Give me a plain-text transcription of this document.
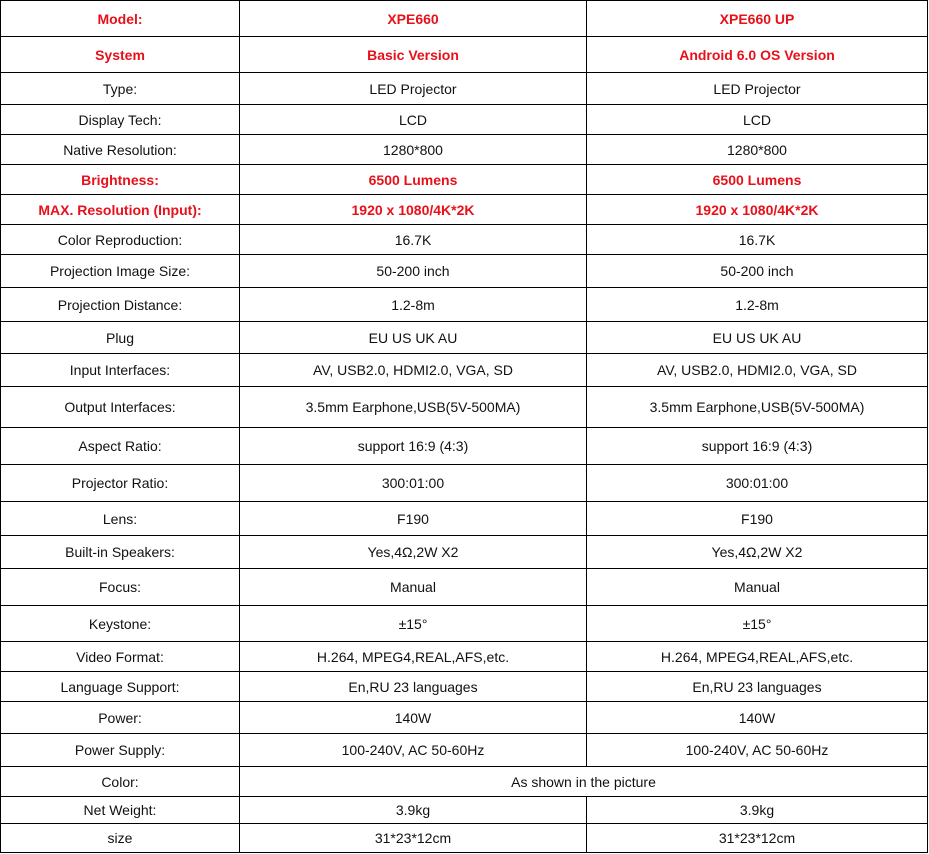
Model:	XPE660	XPE660 UP
System	Basic Version	Android 6.0 OS Version
Type:	LED Projector	LED Projector
Display Tech:	LCD	LCD
Native Resolution:	1280*800	1280*800
Brightness:	6500 Lumens	6500 Lumens
MAX. Resolution (Input):	1920 x 1080/4K*2K	1920 x 1080/4K*2K
Color Reproduction:	16.7K	16.7K
Projection Image Size:	50-200 inch	50-200 inch
Projection Distance:	1.2-8m	1.2-8m
Plug	EU US UK AU	EU US UK AU
Input Interfaces:	AV, USB2.0, HDMI2.0, VGA, SD	AV, USB2.0, HDMI2.0, VGA, SD
Output Interfaces:	3.5mm Earphone,USB(5V-500MA)	3.5mm Earphone,USB(5V-500MA)
Aspect Ratio:	support 16:9 (4:3)	support 16:9 (4:3)
Projector Ratio:	300:01:00	300:01:00
Lens:	F190	F190
Built-in Speakers:	Yes,4Ω,2W X2	Yes,4Ω,2W X2
Focus:	Manual	Manual
Keystone:	±15°	±15°
Video Format:	H.264, MPEG4,REAL,AFS,etc.	H.264, MPEG4,REAL,AFS,etc.
Language Support:	En,RU 23 languages	En,RU 23 languages
Power:	140W	140W
Power Supply:	100-240V, AC 50-60Hz	100-240V, AC 50-60Hz
Color:	As shown in the picture	
Net Weight:	3.9kg	3.9kg
size	31*23*12cm	31*23*12cm
